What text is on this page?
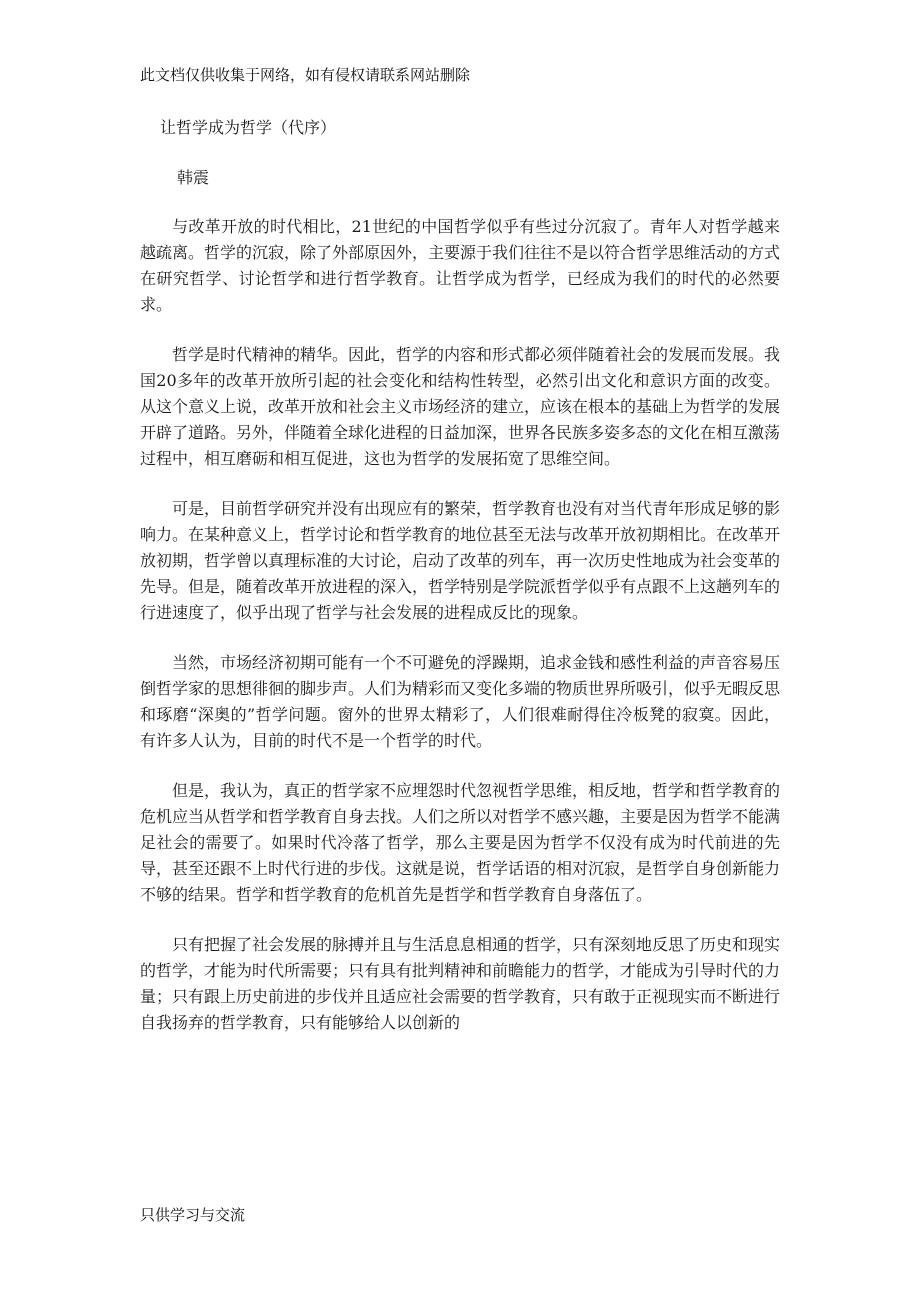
此文档仅供收集于网络，如有侵权请联系网站删除
让哲学成为哲学（代序）
韩震

与改革开放的时代相比，21世纪的中国哲学似乎有些过分沉寂了。青年人对哲学越来越疏离。哲学的沉寂，除了外部原因外，主要源于我们往往不是以符合哲学思维活动的方式在研究哲学、讨论哲学和进行哲学教育。让哲学成为哲学，已经成为我们的时代的必然要求。

哲学是时代精神的精华。因此，哲学的内容和形式都必须伴随着社会的发展而发展。我国20多年的改革开放所引起的社会变化和结构性转型，必然引出文化和意识方面的改变。从这个意义上说，改革开放和社会主义市场经济的建立，应该在根本的基础上为哲学的发展开辟了道路。另外，伴随着全球化进程的日益加深，世界各民族多姿多态的文化在相互激荡过程中，相互磨砺和相互促进，这也为哲学的发展拓宽了思维空间。

可是，目前哲学研究并没有出现应有的繁荣，哲学教育也没有对当代青年形成足够的影响力。在某种意义上，哲学讨论和哲学教育的地位甚至无法与改革开放初期相比。在改革开放初期，哲学曾以真理标准的大讨论，启动了改革的列车，再一次历史性地成为社会变革的先导。但是，随着改革开放进程的深入，哲学特别是学院派哲学似乎有点跟不上这趟列车的行进速度了，似乎出现了哲学与社会发展的进程成反比的现象。

当然，市场经济初期可能有一个不可避免的浮躁期，追求金钱和感性利益的声音容易压倒哲学家的思想徘徊的脚步声。人们为精彩而又变化多端的物质世界所吸引，似乎无暇反思和琢磨“深奥的”哲学问题。窗外的世界太精彩了，人们很难耐得住冷板凳的寂寞。因此，有许多人认为，目前的时代不是一个哲学的时代。

但是，我认为，真正的哲学家不应埋怨时代忽视哲学思维，相反地，哲学和哲学教育的危机应当从哲学和哲学教育自身去找。人们之所以对哲学不感兴趣，主要是因为哲学不能满足社会的需要了。如果时代冷落了哲学，那么主要是因为哲学不仅没有成为时代前进的先导，甚至还跟不上时代行进的步伐。这就是说，哲学话语的相对沉寂，是哲学自身创新能力不够的结果。哲学和哲学教育的危机首先是哲学和哲学教育自身落伍了。

只有把握了社会发展的脉搏并且与生活息息相通的哲学，只有深刻地反思了历史和现实的哲学，才能为时代所需要；只有具有批判精神和前瞻能力的哲学，才能成为引导时代的力量；只有跟上历史前进的步伐并且适应社会需要的哲学教育，只有敢于正视现实而不断进行自我扬弃的哲学教育，只有能够给人以创新的

只供学习与交流
